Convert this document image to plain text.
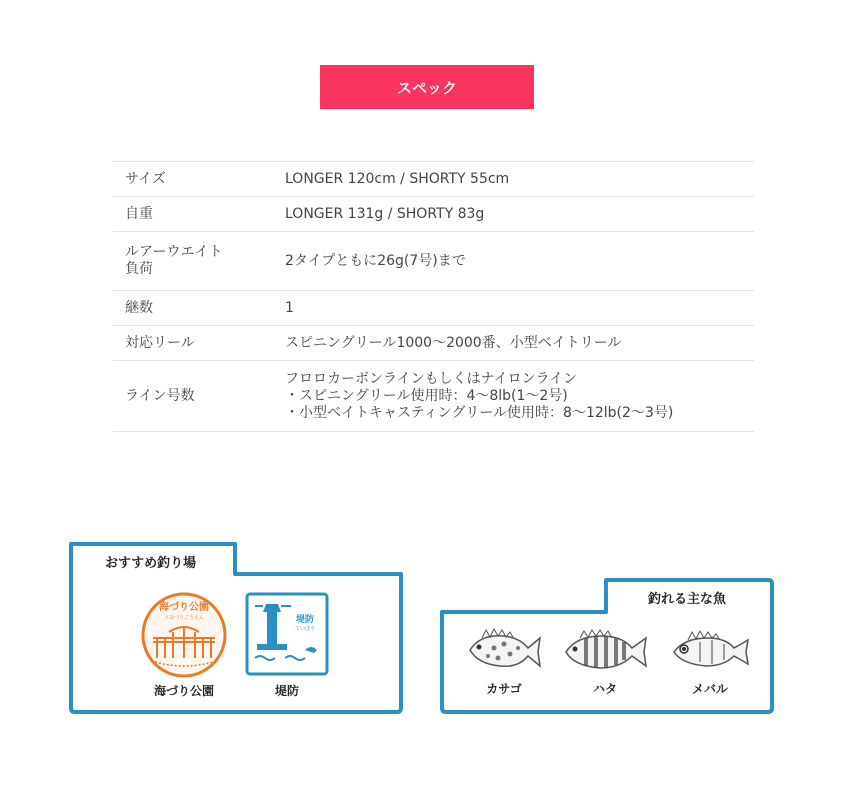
スペック
サイズ	LONGER 120cm / SHORTY 55cm
自重	LONGER 131g / SHORTY 83g

ルアーウエイト
負荷	2タイプともに26g(7号)まで
継数	1
対応リール	スピニングリール1000〜2000番、小型ベイトリール
ライン号数	フロロカーボンラインもしくはナイロンライン
・スピニングリール使用時：4〜8lb(1〜2号)
・小型ベイトキャスティングリール使用時：8〜12lb(2〜3号)
おすすめ釣り場
海づり公園
うみづりこうえん
海づり公園
堤防
ていぼう
堤防
釣れる主な魚
カサゴ	ハタ	メバル
